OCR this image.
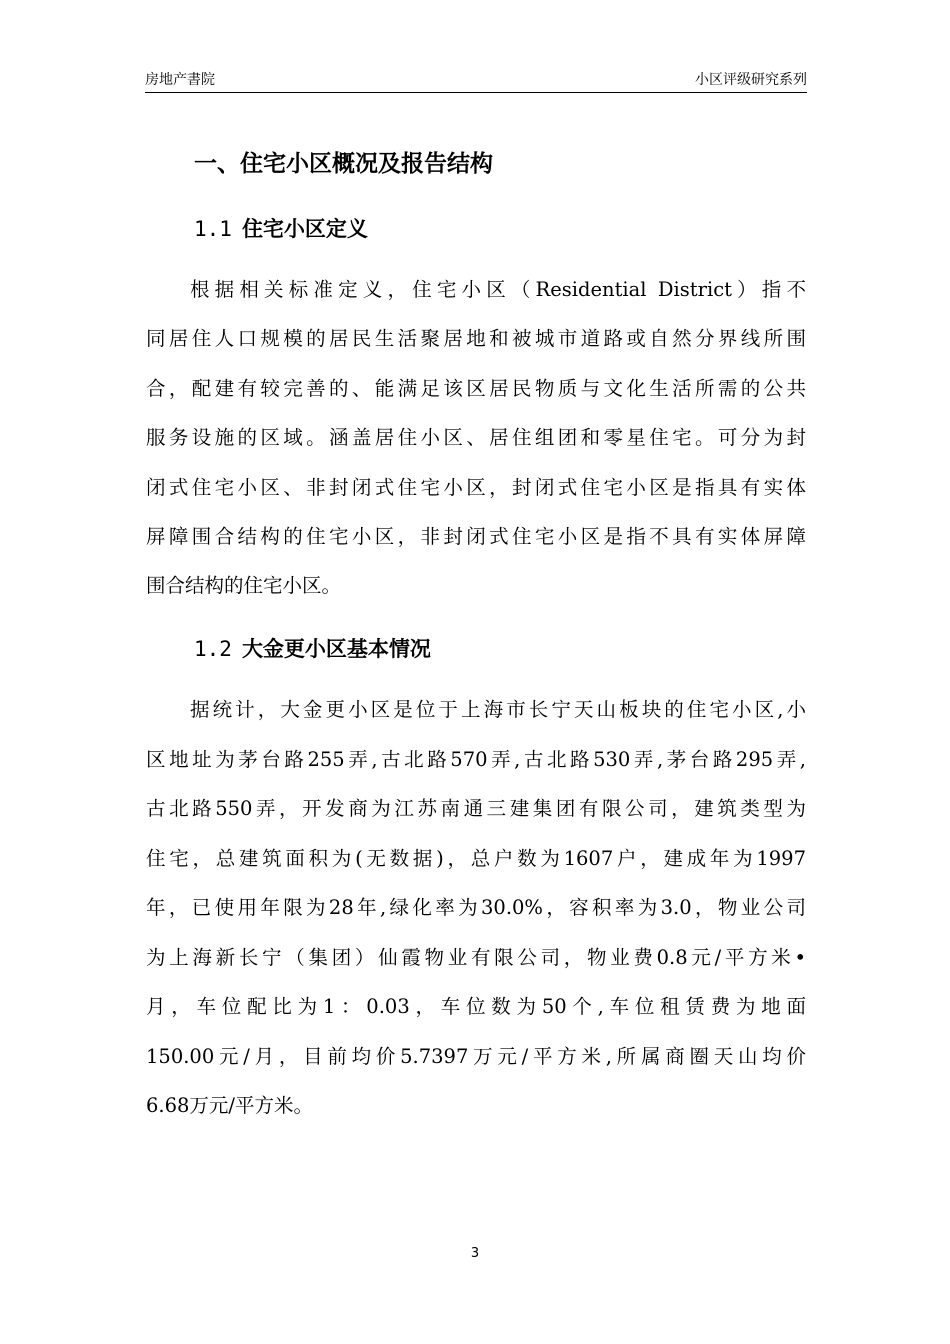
房地产書院	小区评级研究系列
一、住宅小区概况及报告结构
1.1 住宅小区定义
根据相关标准定义，住宅小区（Residential District）指不
同居住人口规模的居民生活聚居地和被城市道路或自然分界线所围
合，配建有较完善的、能满足该区居民物质与文化生活所需的公共
服务设施的区域。涵盖居住小区、居住组团和零星住宅。可分为封
闭式住宅小区、非封闭式住宅小区，封闭式住宅小区是指具有实体
屏障围合结构的住宅小区，非封闭式住宅小区是指不具有实体屏障
围合结构的住宅小区。
1.2 大金更小区基本情况
据统计，大金更小区是位于上海市长宁天山板块的住宅小区,小
区地址为茅台路255弄,古北路570弄,古北路530弄,茅台路295弄,
古北路550弄，开发商为江苏南通三建集团有限公司，建筑类型为
住宅，总建筑面积为(无数据)，总户数为1607户，建成年为1997
年，已使用年限为28年,绿化率为30.0%，容积率为3.0，物业公司
为上海新长宁（集团）仙霞物业有限公司，物业费0.8元/平方米•
月，车位配比为1：0.03，车位数为50个,车位租赁费为地面
150.00元/月，目前均价5.7397万元/平方米,所属商圈天山均价
6.68万元/平方米。
3
